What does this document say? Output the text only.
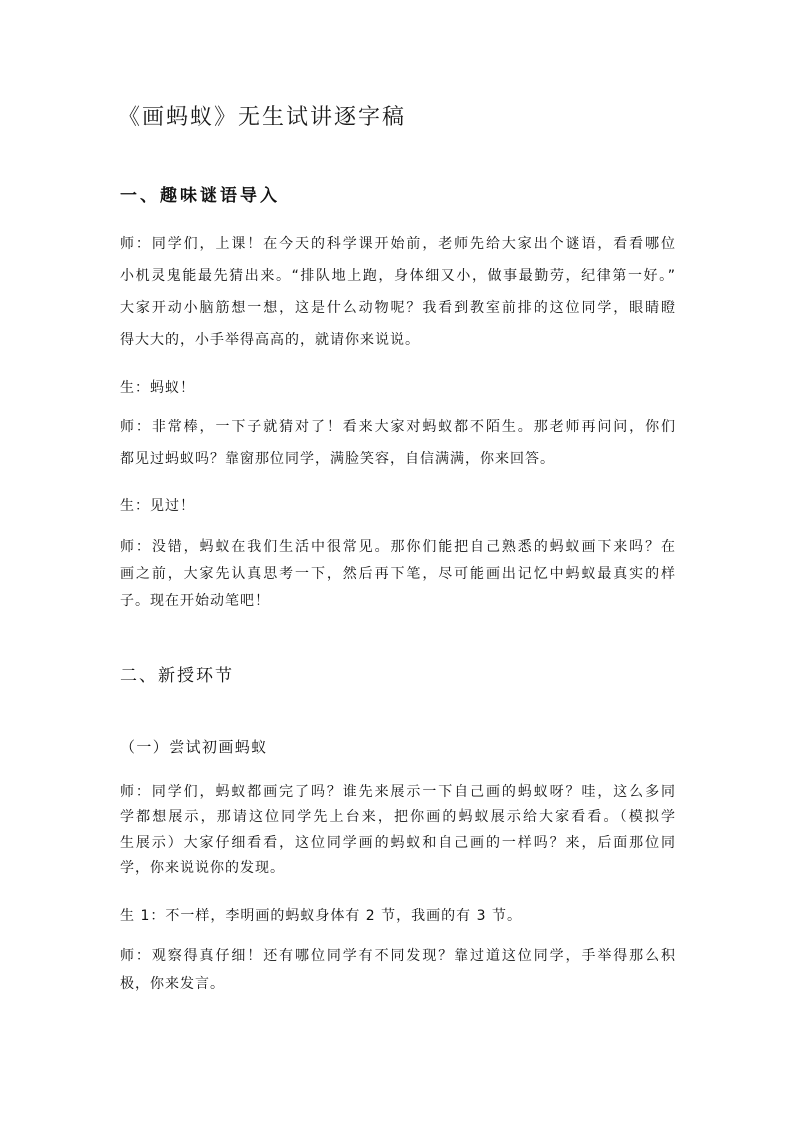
《画蚂蚁》无生试讲逐字稿
一、趣味谜语导入
师：同学们，上课！在今天的科学课开始前，老师先给大家出个谜语，看看哪位
小机灵鬼能最先猜出来。“排队地上跑，身体细又小，做事最勤劳，纪律第一好。”
大家开动小脑筋想一想，这是什么动物呢？我看到教室前排的这位同学，眼睛瞪
得大大的，小手举得高高的，就请你来说说。
生：蚂蚁！
师：非常棒，一下子就猜对了！看来大家对蚂蚁都不陌生。那老师再问问，你们
都见过蚂蚁吗？靠窗那位同学，满脸笑容，自信满满，你来回答。
生：见过！
师：没错，蚂蚁在我们生活中很常见。那你们能把自己熟悉的蚂蚁画下来吗？在
画之前，大家先认真思考一下，然后再下笔，尽可能画出记忆中蚂蚁最真实的样
子。现在开始动笔吧！
二、新授环节
（一）尝试初画蚂蚁
师：同学们，蚂蚁都画完了吗？谁先来展示一下自己画的蚂蚁呀？哇，这么多同
学都想展示，那请这位同学先上台来，把你画的蚂蚁展示给大家看看。（模拟学
生展示）大家仔细看看，这位同学画的蚂蚁和自己画的一样吗？来，后面那位同
学，你来说说你的发现。
生 1：不一样，李明画的蚂蚁身体有 2 节，我画的有 3 节。
师：观察得真仔细！还有哪位同学有不同发现？靠过道这位同学，手举得那么积
极，你来发言。
